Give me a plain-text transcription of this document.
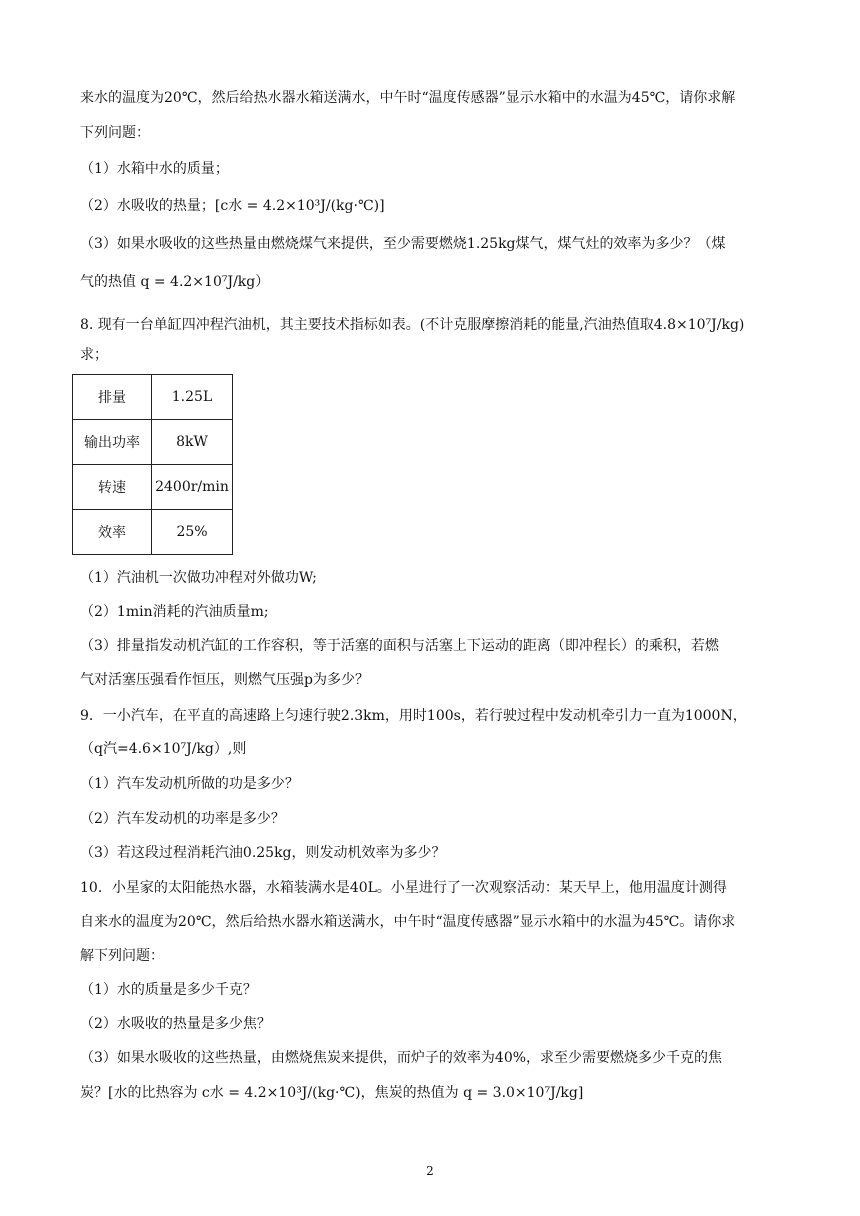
来水的温度为20℃，然后给热水器水箱送满水，中午时“温度传感器”显示水箱中的水温为45℃，请你求解
下列问题：
（1）水箱中水的质量；
（2）水吸收的热量；[c水 = 4.2×10³J/(kg·℃)]
（3）如果水吸收的这些热量由燃烧煤气来提供，至少需要燃烧1.25kg煤气，煤气灶的效率为多少？（煤
气的热值 q = 4.2×10⁷J/kg）
8. 现有一台单缸四冲程汽油机，其主要技术指标如表。(不计克服摩擦消耗的能量,汽油热值取4.8×10⁷J/kg)
求；
排量	1.25L
输出功率	8kW
转速	2400r/min
效率	25%
（1）汽油机一次做功冲程对外做功W;
（2）1min消耗的汽油质量m;
（3）排量指发动机汽缸的工作容积，等于活塞的面积与活塞上下运动的距离（即冲程长）的乘积，若燃
气对活塞压强看作恒压，则燃气压强p为多少？
9．一小汽车，在平直的高速路上匀速行驶2.3km，用时100s，若行驶过程中发动机牵引力一直为1000N，
（q汽=4.6×10⁷J/kg）,则
（1）汽车发动机所做的功是多少？
（2）汽车发动机的功率是多少？
（3）若这段过程消耗汽油0.25kg，则发动机效率为多少？
10．小星家的太阳能热水器，水箱装满水是40L。小星进行了一次观察活动：某天早上，他用温度计测得
自来水的温度为20℃，然后给热水器水箱送满水，中午时“温度传感器”显示水箱中的水温为45℃。请你求
解下列问题：
（1）水的质量是多少千克？
（2）水吸收的热量是多少焦？
（3）如果水吸收的这些热量，由燃烧焦炭来提供，而炉子的效率为40%，求至少需要燃烧多少千克的焦
炭？[水的比热容为 c水 = 4.2×10³J/(kg·℃)，焦炭的热值为 q = 3.0×10⁷J/kg]
2
